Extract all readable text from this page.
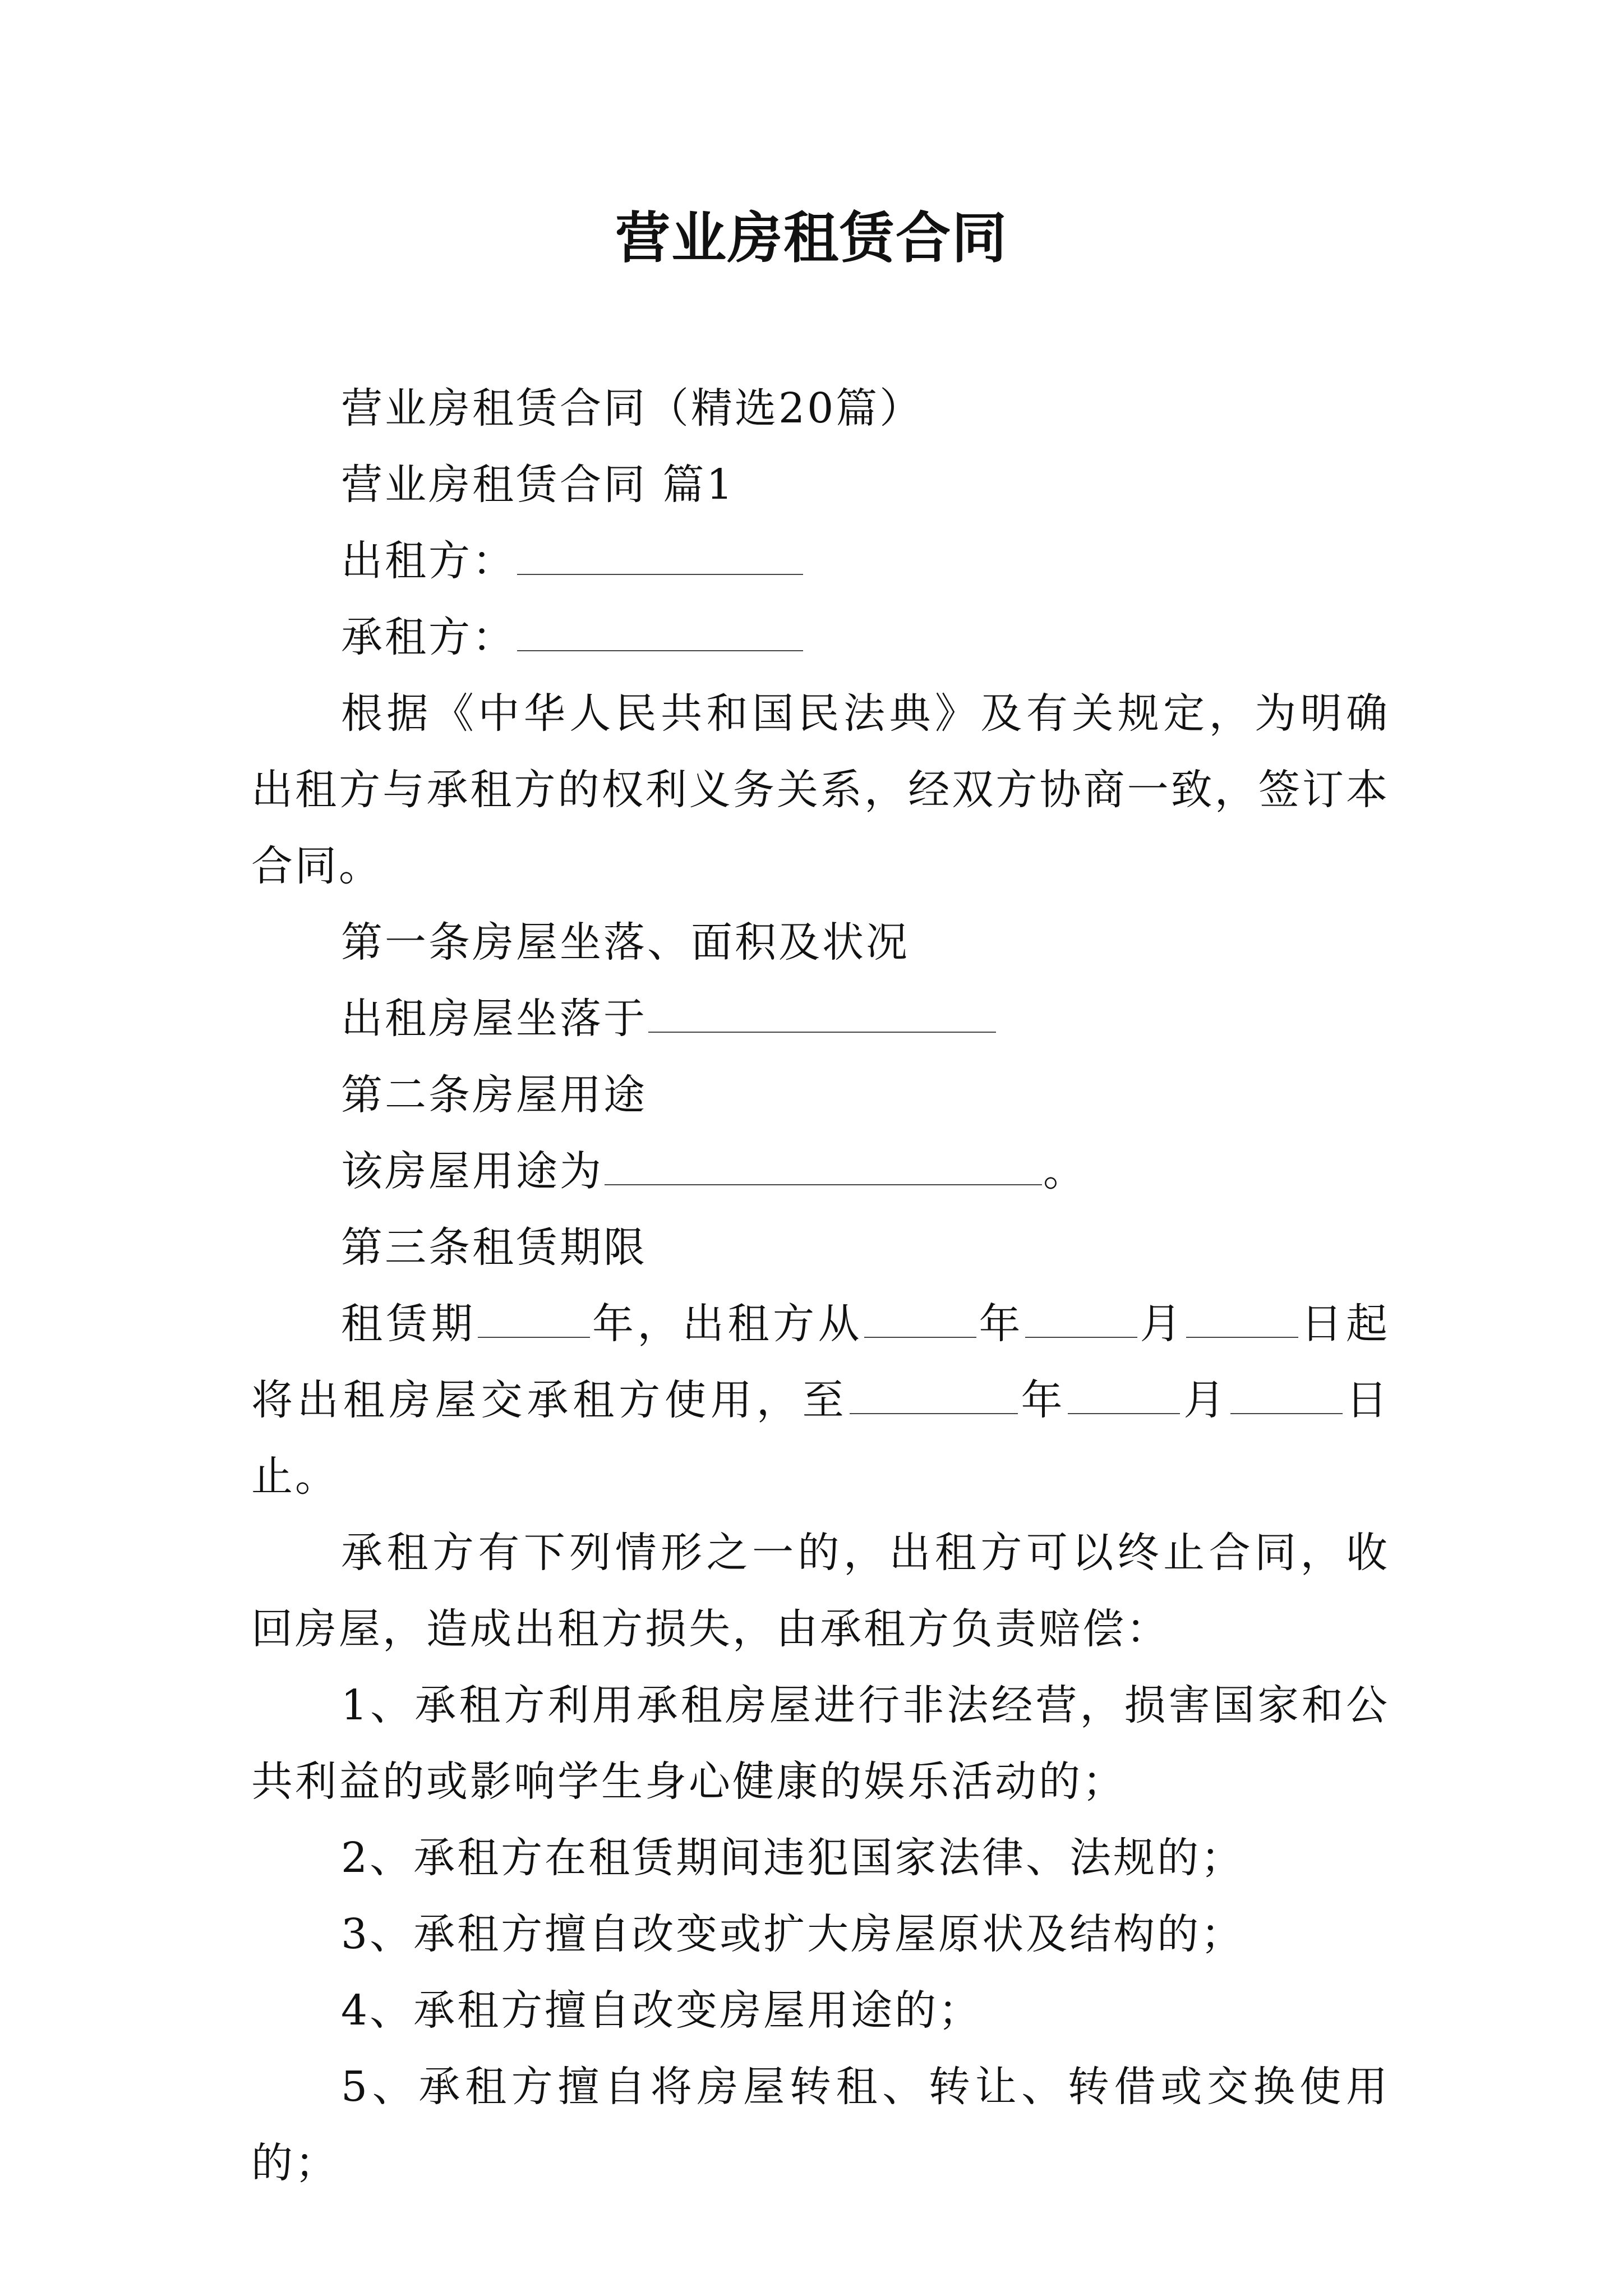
营业房租赁合同

营业房租赁合同（精选20篇）

营业房租赁合同 篇1

出租方：

承租方：

根据《中华人民共和国民法典》及有关规定，为明确出租方与承租方的权利义务关系，经双方协商一致，签订本合同。

第一条房屋坐落、面积及状况

出租房屋坐落于

第二条房屋用途

该房屋用途为	。

第三条租赁期限

租赁期	年，出租方从	年	月	日起将出租房屋交承租方使用，至	年	月	日止。

承租方有下列情形之一的，出租方可以终止合同，收回房屋，造成出租方损失，由承租方负责赔偿：

1、承租方利用承租房屋进行非法经营，损害国家和公共利益的或影响学生身心健康的娱乐活动的；

2、承租方在租赁期间违犯国家法律、法规的；

3、承租方擅自改变或扩大房屋原状及结构的；

4、承租方擅自改变房屋用途的；

5、承租方擅自将房屋转租、转让、转借或交换使用的；
